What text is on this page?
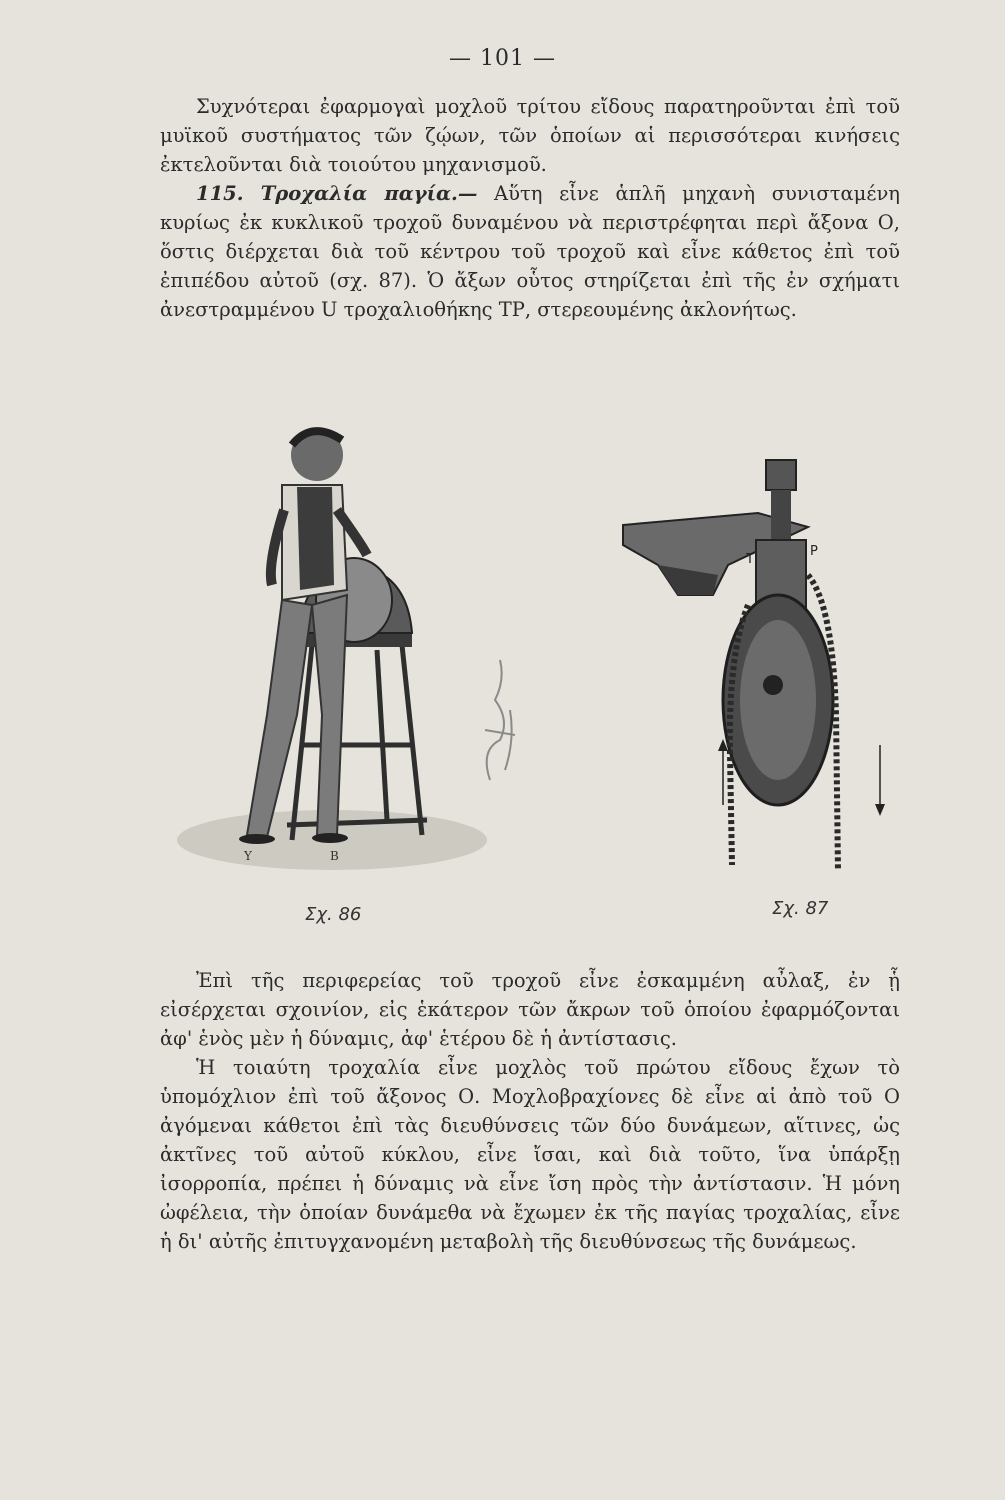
— 101 —

Συχνότεραι ἐφαρμογαὶ μοχλοῦ τρίτου εἴδους παρατηροῦνται ἐπὶ τοῦ μυϊκοῦ συστήματος τῶν ζῴων, τῶν ὁποίων αἱ περισσότεραι κινήσεις ἐκτελοῦνται διὰ τοιούτου μηχανισμοῦ.

115. Τροχαλία παγία.— Αὕτη εἶνε ἁπλῆ μηχανὴ συνισταμένη κυρίως ἐκ κυκλικοῦ τροχοῦ δυναμένου νὰ περιστρέφηται περὶ ἄξονα Ο, ὅστις διέρχεται διὰ τοῦ κέντρου τοῦ τροχοῦ καὶ εἶνε κάθετος ἐπὶ τοῦ ἐπιπέδου αὐτοῦ (σχ. 87). Ὁ ἄξων οὗτος στηρίζεται ἐπὶ τῆς ἐν σχήματι ἀνεστραμμένου U τροχαλιοθήκης ΤΡ, στερεουμένης ἀκλονήτως.

Υ	Β
Τ
Ρ
Σχ. 86	Σχ. 87

Ἐπὶ τῆς περιφερείας τοῦ τροχοῦ εἶνε ἐσκαμμένη αὖλαξ, ἐν ᾗ εἰσέρχεται σχοινίον, εἰς ἑκάτερον τῶν ἄκρων τοῦ ὁποίου ἐφαρμόζονται ἀφ' ἑνὸς μὲν ἡ δύναμις, ἀφ' ἑτέρου δὲ ἡ ἀντίστασις.

Ἡ τοιαύτη τροχαλία εἶνε μοχλὸς τοῦ πρώτου εἴδους ἔχων τὸ ὑπομόχλιον ἐπὶ τοῦ ἄξονος Ο. Μοχλοβραχίονες δὲ εἶνε αἱ ἀπὸ τοῦ Ο ἀγόμεναι κάθετοι ἐπὶ τὰς διευθύνσεις τῶν δύο δυνάμεων, αἵτινες, ὡς ἀκτῖνες τοῦ αὐτοῦ κύκλου, εἶνε ἴσαι, καὶ διὰ τοῦτο, ἵνα ὑπάρξῃ ἰσορροπία, πρέπει ἡ δύναμις νὰ εἶνε ἴση πρὸς τὴν ἀντίστασιν. Ἡ μόνη ὠφέλεια, τὴν ὁποίαν δυνάμεθα νὰ ἔχωμεν ἐκ τῆς παγίας τροχαλίας, εἶνε ἡ δι' αὐτῆς ἐπιτυγχανομένη μεταβολὴ τῆς διευθύνσεως τῆς δυνάμεως.
